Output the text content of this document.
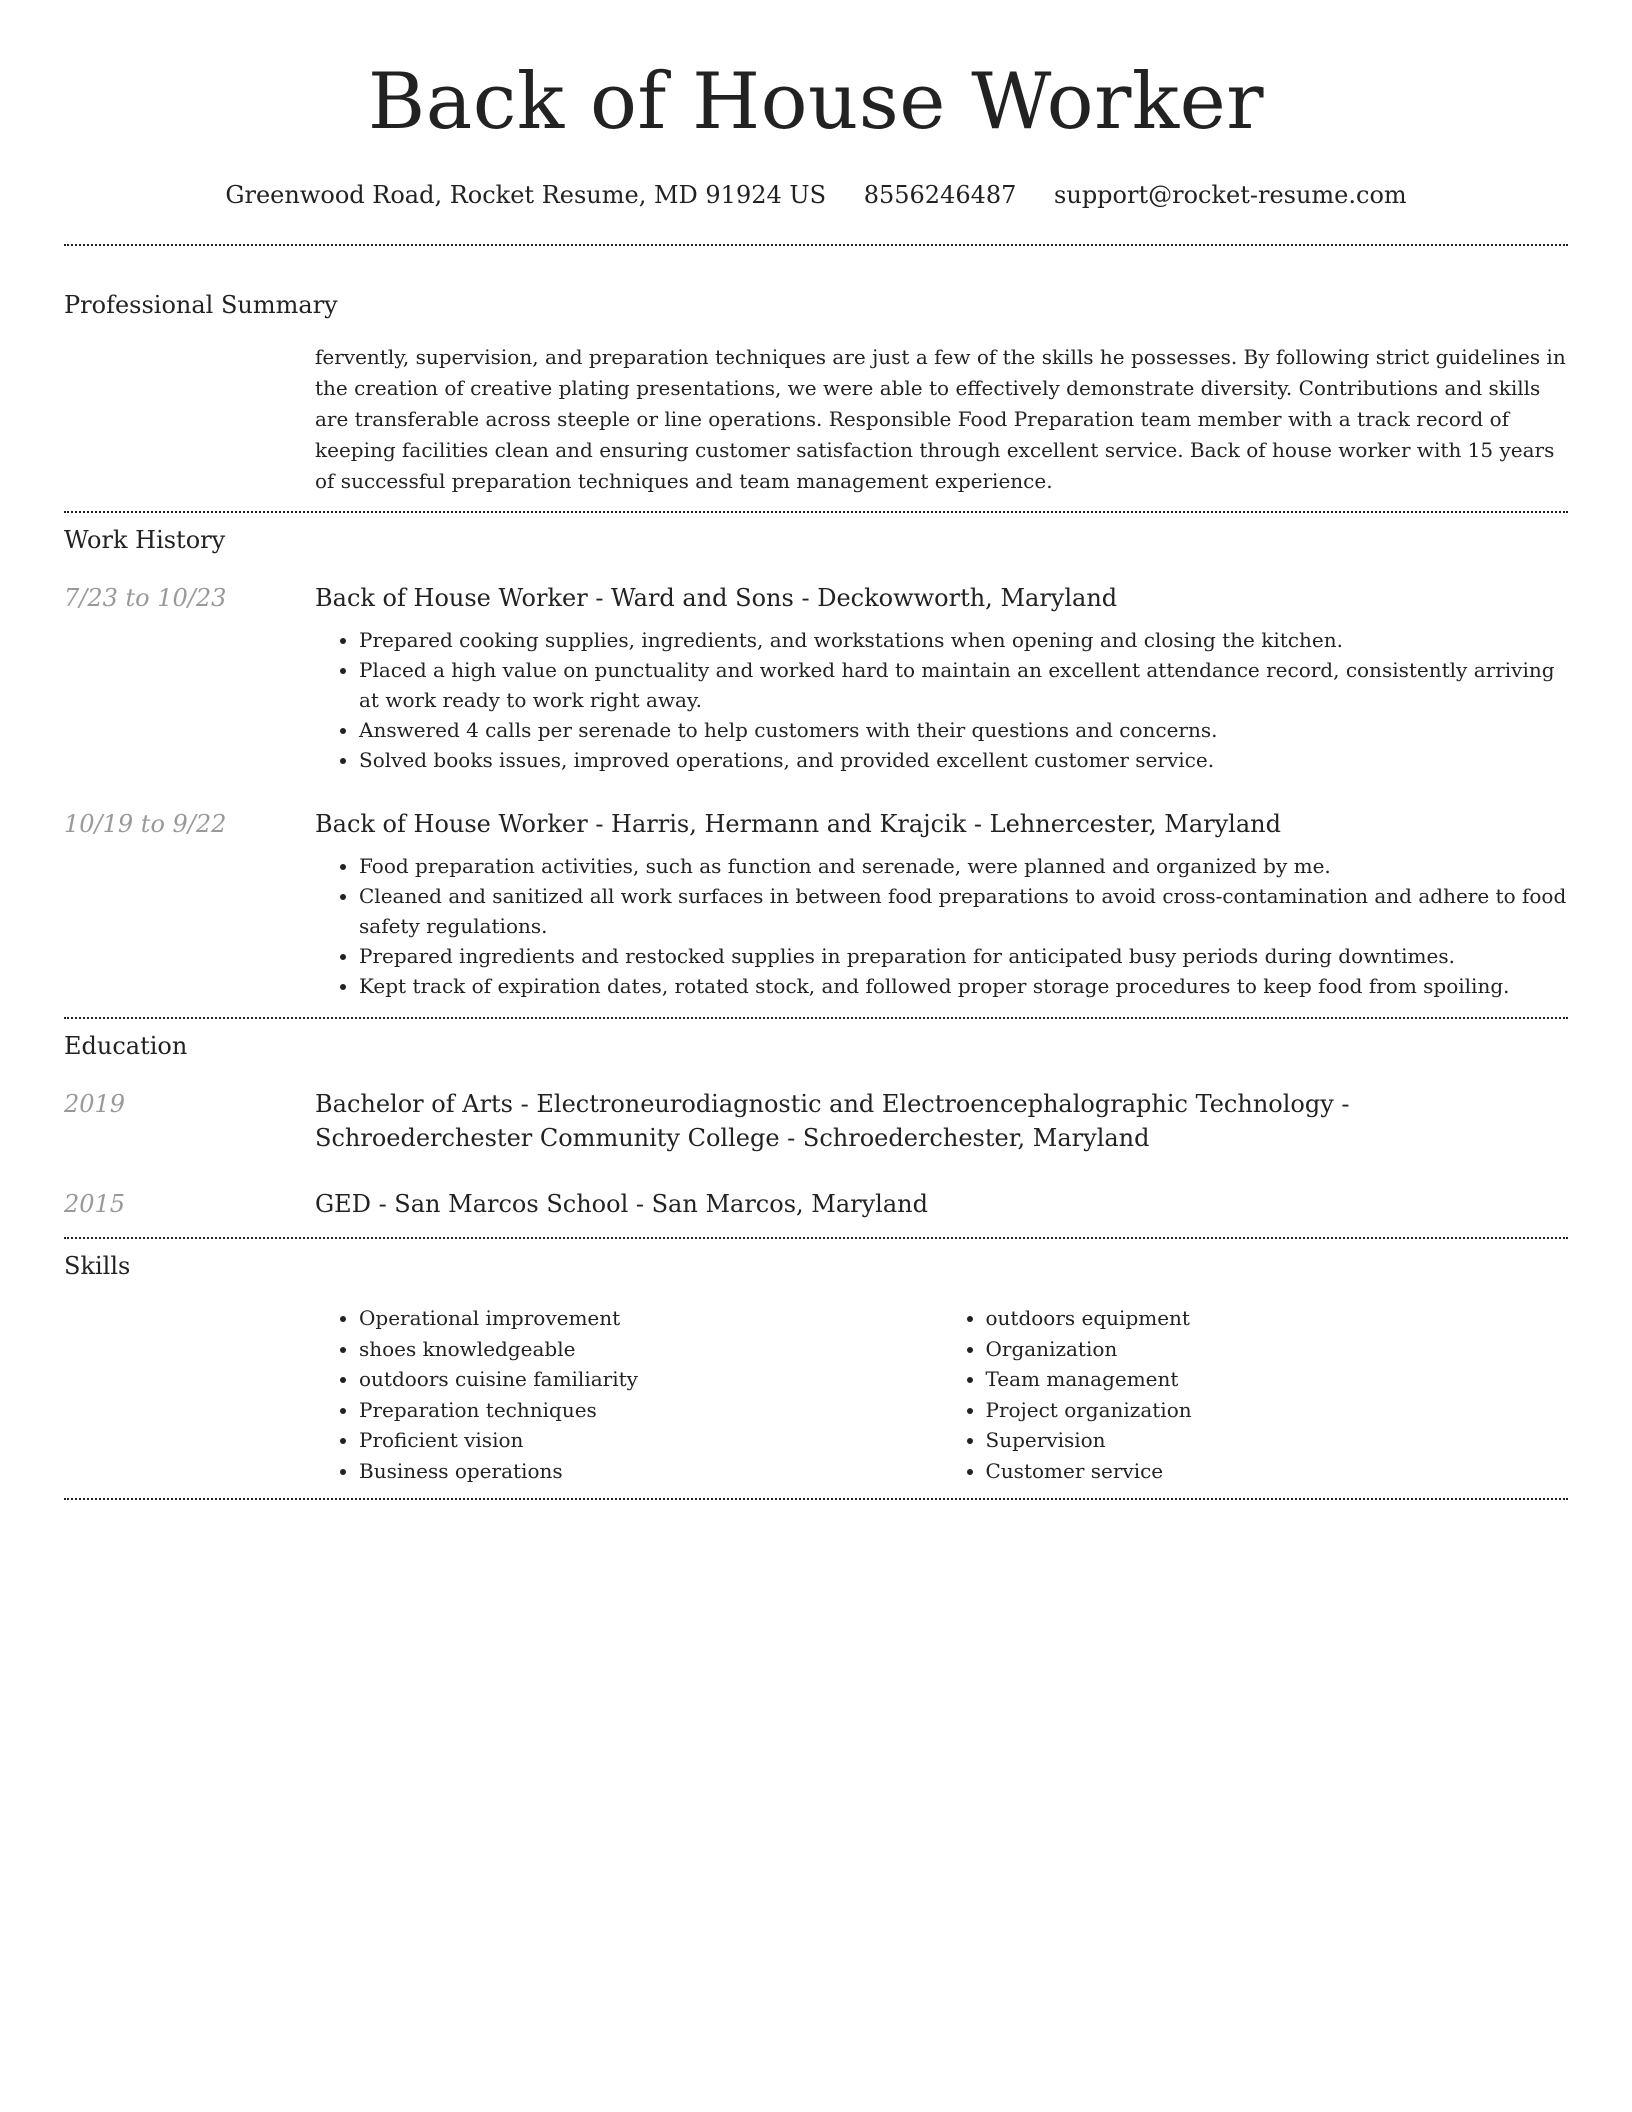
Back of House Worker
Greenwood Road, Rocket Resume, MD 91924 US 8556246487 support@rocket-resume.com
Professional Summary

fervently, supervision, and preparation techniques are just a few of the skills he possesses. By following strict guidelines in the creation of creative plating presentations, we were able to effectively demonstrate diversity. Contributions and skills are transferable across steeple or line operations. Responsible Food Preparation team member with a track record of keeping facilities clean and ensuring customer satisfaction through excellent service. Back of house worker with 15 years of successful preparation techniques and team management experience.

Work History
7/23 to 10/23	Back of House Worker - Ward and Sons - Deckowworth, Maryland

• Prepared cooking supplies, ingredients, and workstations when opening and closing the kitchen.
• Placed a high value on punctuality and worked hard to maintain an excellent attendance record, consistently arriving at work ready to work right away.
• Answered 4 calls per serenade to help customers with their questions and concerns.
• Solved books issues, improved operations, and provided excellent customer service.
10/19 to 9/22	Back of House Worker - Harris, Hermann and Krajcik - Lehnercester, Maryland

• Food preparation activities, such as function and serenade, were planned and organized by me.
• Cleaned and sanitized all work surfaces in between food preparations to avoid cross-contamination and adhere to food safety regulations.
• Prepared ingredients and restocked supplies in preparation for anticipated busy periods during downtimes.
• Kept track of expiration dates, rotated stock, and followed proper storage procedures to keep food from spoiling.
Education
2019	Bachelor of Arts - Electroneurodiagnostic and Electroencephalographic Technology - Schroederchester Community College - Schroederchester, Maryland

2015	GED - San Marcos School - San Marcos, Maryland

Skills
• Operational improvement
• shoes knowledgeable
• outdoors cuisine familiarity
• Preparation techniques
• Proficient vision
• Business operations
• outdoors equipment
• Organization
• Team management
• Project organization
• Supervision
• Customer service
